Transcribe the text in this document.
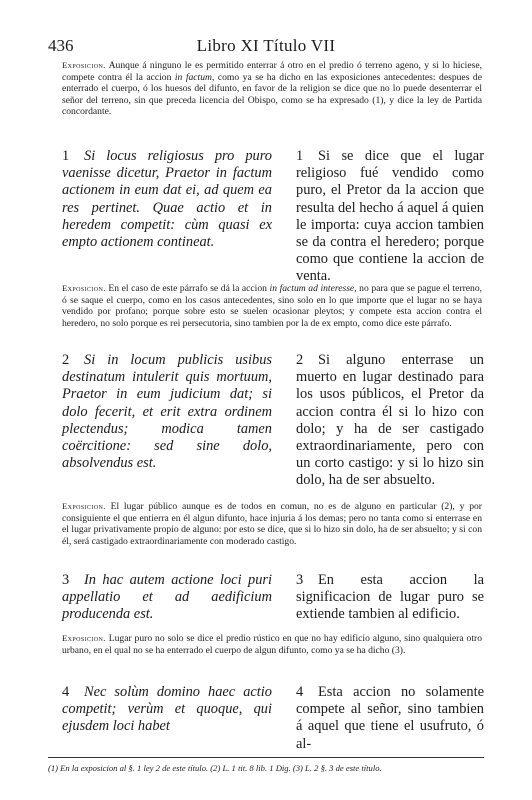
436	Libro XI Título VII
Exposicion. Aunque á ninguno le es permitido enterrar á otro en el predio ó terreno ageno, y si lo hiciese, compete contra él la accion in factum, como ya se ha dicho en las exposiciones antecedentes: despues de enterrado el cuerpo, ó los huesos del difunto, en favor de la religion se dice que no lo puede desenterrar el señor del terreno, sin que preceda licencia del Obispo, como se ha expresado (1), y dice la ley de Partida concordante.
1 Si locus religiosus pro puro vaenisse dicetur, Praetor in factum actionem in eum dat ei, ad quem ea res pertinet. Quae actio et in heredem competit: cùm quasi ex empto actionem contineat.
1 Si se dice que el lugar religioso fué vendido como puro, el Pretor da la accion que resulta del hecho á aquel á quien le importa: cuya accion tambien se da contra el heredero; porque como que contiene la accion de venta.
Exposicion. En el caso de este párrafo se dá la accion in factum ad interesse, no para que se pague el terreno, ó se saque el cuerpo, como en los casos antecedentes, sino solo en lo que importe que el lugar no se haya vendido por profano; porque sobre esto se suelen ocasionar pleytos; y compete esta accion contra el heredero, no solo porque es rei persecutoria, sino tambien por la de ex empto, como dice este párrafo.
2 Si in locum publicis usibus destinatum intulerit quis mortuum, Praetor in eum judicium dat; si dolo fecerit, et erit extra ordinem plectendus; modica tamen coërcitione: sed sine dolo, absolvendus est.
2 Si alguno enterrase un muerto en lugar destinado para los usos públicos, el Pretor da accion contra él si lo hizo con dolo; y ha de ser castigado extraordinariamente, pero con un corto castigo: y si lo hizo sin dolo, ha de ser absuelto.
Exposicion. El lugar público aunque es de todos en comun, no es de alguno en particular (2), y por consiguiente el que entierra en él algun difunto, hace injuria á los demas; pero no tanta como si enterrase en el lugar privativamente propio de alguno: por esto se dice, que si lo hizo sin dolo, ha de ser absuelto; y si con él, será castigado extraordinariamente con moderado castigo.
3 In hac autem actione loci puri appellatio et ad aedificium producenda est.
3 En esta accion la significacion de lugar puro se extiende tambien al edificio.
Exposicion. Lugar puro no solo se dice el predio rústico en que no hay edificio alguno, sino qualquiera otro urbano, en el qual no se ha enterrado el cuerpo de algun difunto, como ya se ha dicho (3).
4 Nec solùm domino haec actio competit; verùm et quoque, qui ejusdem loci habet
4 Esta accion no solamente compete al señor, sino tambien á aquel que tiene el usufruto, ó al-
(1) En la exposicion al §. 1 ley 2 de este título. (2) L. 1 tit. 8 lib. 1 Dig. (3) L. 2 §. 3 de este título.
